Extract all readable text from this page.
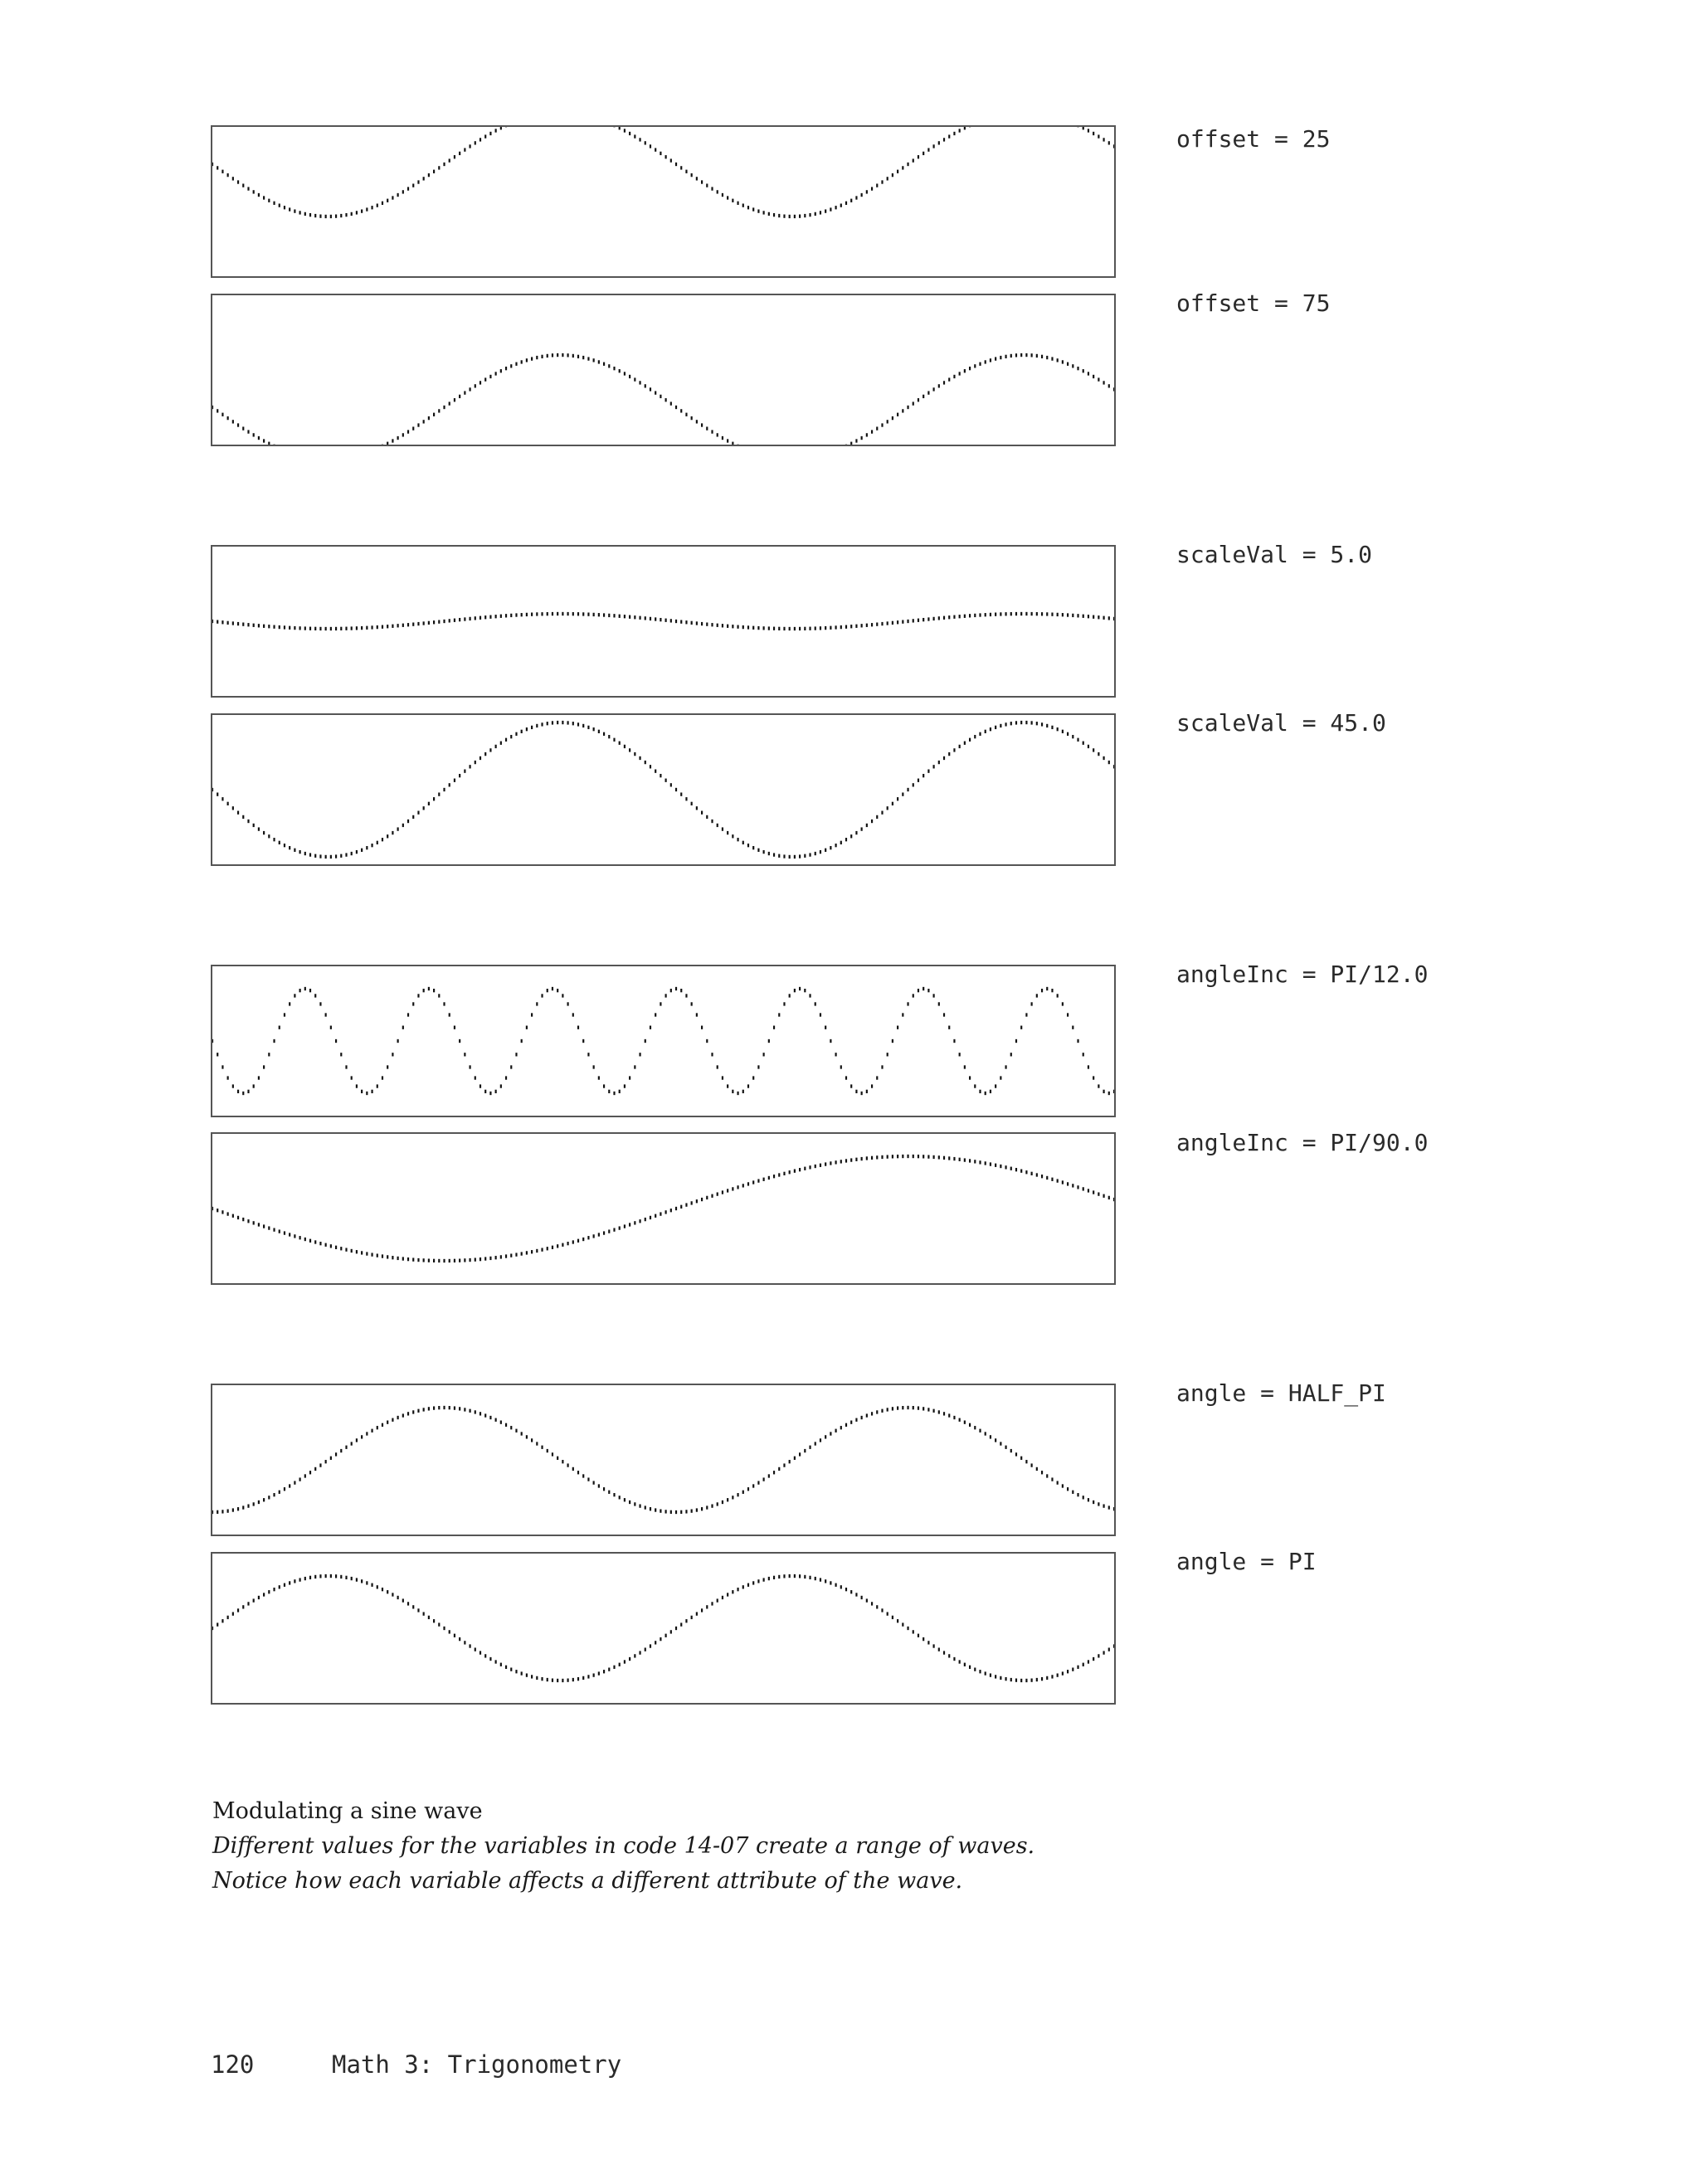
offset = 25
offset = 75
scaleVal = 5.0
scaleVal = 45.0
angleInc = PI/12.0
angleInc = PI/90.0
angle = HALF_PI
angle = PI
Modulating a sine wave
Different values for the variables in code 14-07 create a range of waves.
Notice how each variable affects a different attribute of the wave.
120	Math 3: Trigonometry
